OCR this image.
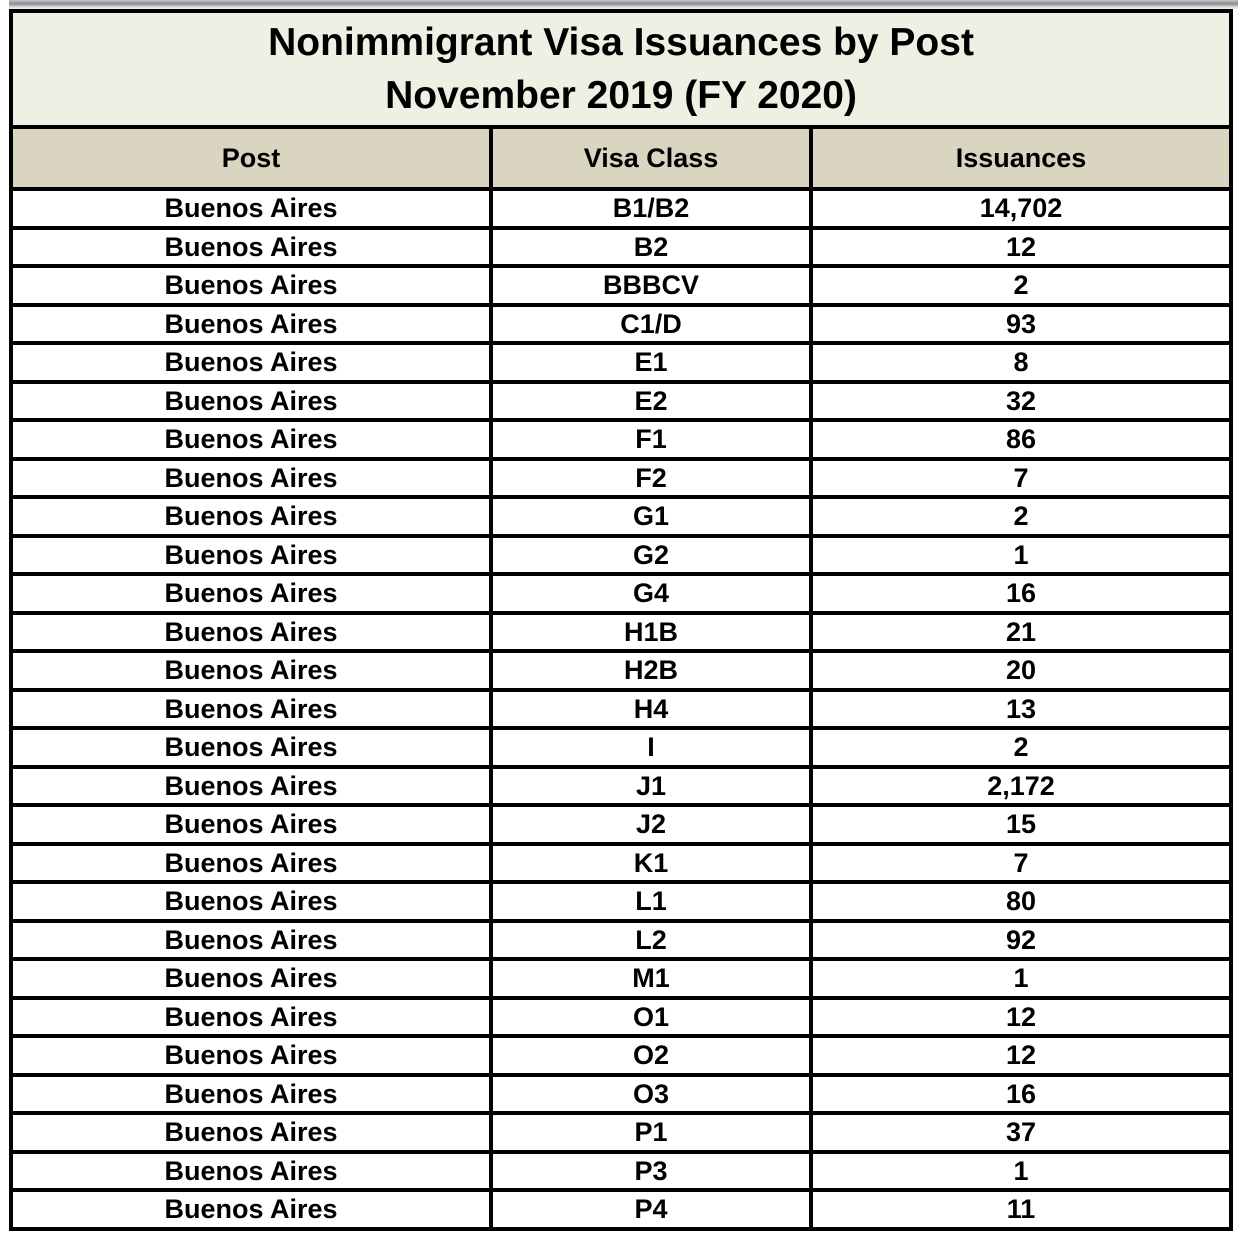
Nonimmigrant Visa Issuances by Post
November 2019 (FY 2020)		

Post	Visa Class	Issuances
Buenos Aires	B1/B2	14,702
Buenos Aires	B2	12
Buenos Aires	BBBCV	2
Buenos Aires	C1/D	93
Buenos Aires	E1	8
Buenos Aires	E2	32
Buenos Aires	F1	86
Buenos Aires	F2	7
Buenos Aires	G1	2
Buenos Aires	G2	1
Buenos Aires	G4	16
Buenos Aires	H1B	21
Buenos Aires	H2B	20
Buenos Aires	H4	13
Buenos Aires	I	2
Buenos Aires	J1	2,172
Buenos Aires	J2	15
Buenos Aires	K1	7
Buenos Aires	L1	80
Buenos Aires	L2	92
Buenos Aires	M1	1
Buenos Aires	O1	12
Buenos Aires	O2	12
Buenos Aires	O3	16
Buenos Aires	P1	37
Buenos Aires	P3	1
Buenos Aires	P4	11
